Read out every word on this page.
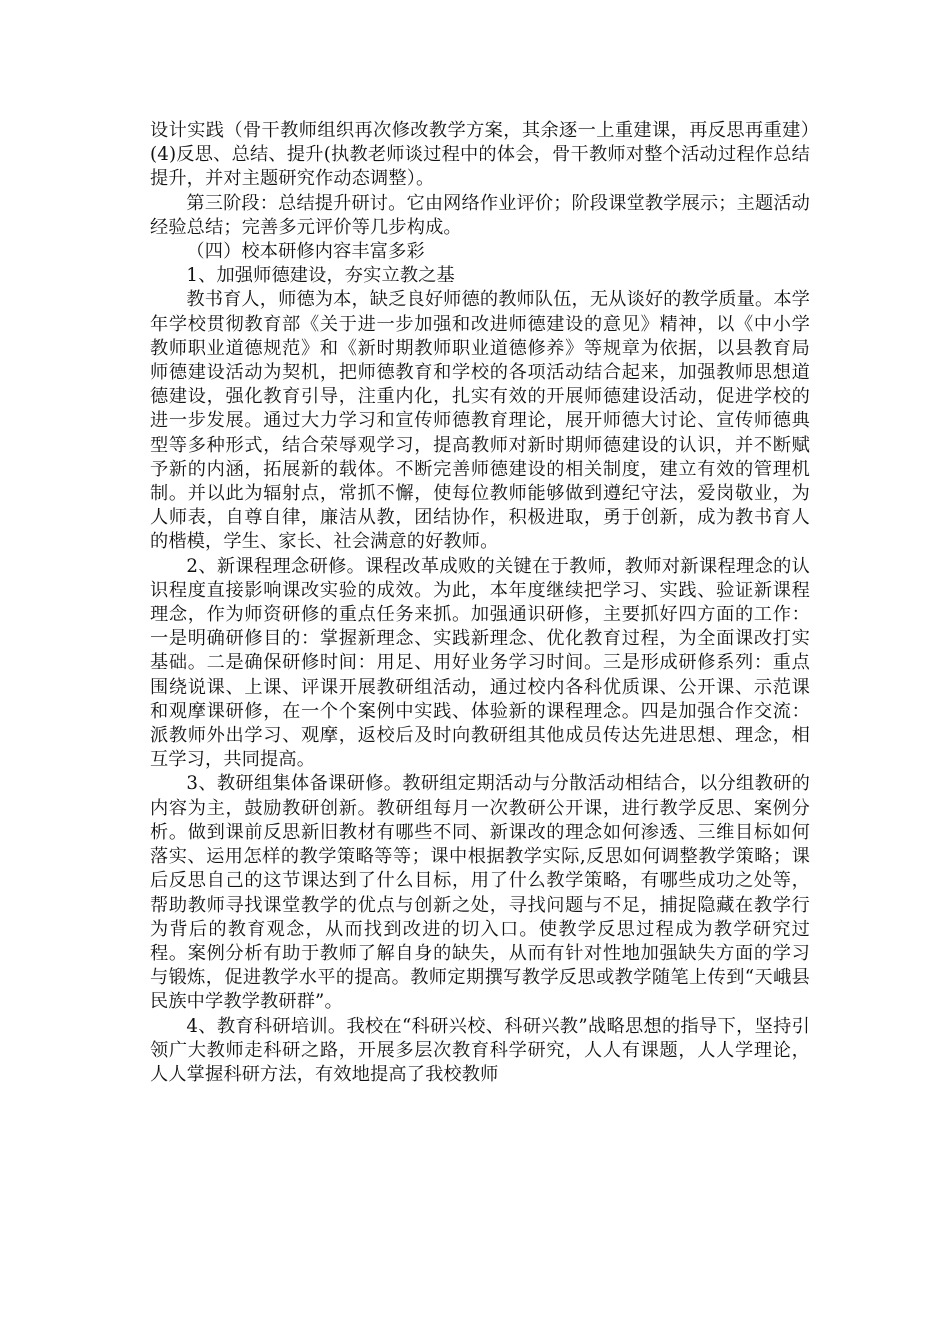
设计实践（骨干教师组织再次修改教学方案，其余逐一上重建课，再反思再重建）(4)反思、总结、提升(执教老师谈过程中的体会，骨干教师对整个活动过程作总结提升，并对主题研究作动态调整）。

第三阶段：总结提升研讨。它由网络作业评价；阶段课堂教学展示；主题活动经验总结；完善多元评价等几步构成。

（四）校本研修内容丰富多彩

1、加强师德建设，夯实立教之基

教书育人，师德为本，缺乏良好师德的教师队伍，无从谈好的教学质量。本学年学校贯彻教育部《关于进一步加强和改进师德建设的意见》精神，以《中小学教师职业道德规范》和《新时期教师职业道德修养》等规章为依据，以县教育局师德建设活动为契机，把师德教育和学校的各项活动结合起来，加强教师思想道德建设，强化教育引导，注重内化，扎实有效的开展师德建设活动，促进学校的进一步发展。通过大力学习和宣传师德教育理论，展开师德大讨论、宣传师德典型等多种形式，结合荣辱观学习，提高教师对新时期师德建设的认识，并不断赋予新的内涵，拓展新的载体。不断完善师德建设的相关制度，建立有效的管理机制。并以此为辐射点，常抓不懈，使每位教师能够做到遵纪守法，爱岗敬业，为人师表，自尊自律，廉洁从教，团结协作，积极进取，勇于创新，成为教书育人的楷模，学生、家长、社会满意的好教师。

2、新课程理念研修。课程改革成败的关键在于教师，教师对新课程理念的认识程度直接影响课改实验的成效。为此，本年度继续把学习、实践、验证新课程理念，作为师资研修的重点任务来抓。加强通识研修，主要抓好四方面的工作：一是明确研修目的：掌握新理念、实践新理念、优化教育过程，为全面课改打实基础。二是确保研修时间：用足、用好业务学习时间。三是形成研修系列：重点围绕说课、上课、评课开展教研组活动，通过校内各科优质课、公开课、示范课和观摩课研修，在一个个案例中实践、体验新的课程理念。四是加强合作交流：派教师外出学习、观摩，返校后及时向教研组其他成员传达先进思想、理念，相互学习，共同提高。

3、教研组集体备课研修。教研组定期活动与分散活动相结合，以分组教研的内容为主，鼓励教研创新。教研组每月一次教研公开课，进行教学反思、案例分析。做到课前反思新旧教材有哪些不同、新课改的理念如何渗透、三维目标如何落实、运用怎样的教学策略等等；课中根据教学实际,反思如何调整教学策略；课后反思自己的这节课达到了什么目标，用了什么教学策略，有哪些成功之处等，帮助教师寻找课堂教学的优点与创新之处，寻找问题与不足，捕捉隐藏在教学行为背后的教育观念，从而找到改进的切入口。使教学反思过程成为教学研究过程。案例分析有助于教师了解自身的缺失，从而有针对性地加强缺失方面的学习与锻炼，促进教学水平的提高。教师定期撰写教学反思或教学随笔上传到“天峨县民族中学教学教研群”。

4、教育科研培训。我校在“科研兴校、科研兴教”战略思想的指导下，坚持引领广大教师走科研之路，开展多层次教育科学研究，人人有课题，人人学理论，人人掌握科研方法，有效地提高了我校教师
